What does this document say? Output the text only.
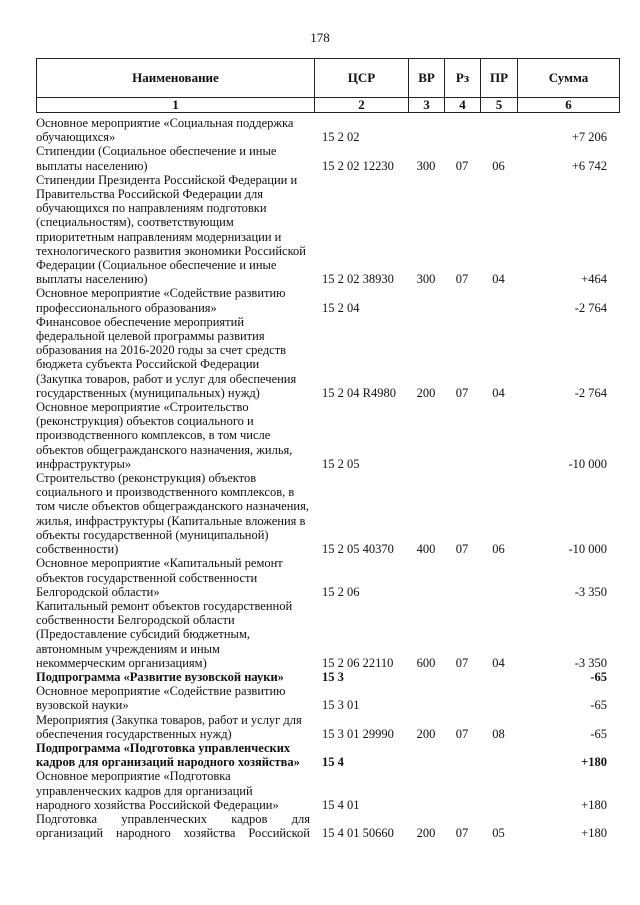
178
Наименование	ЦСР	ВР	Рз	ПР	Сумма
1	2	3	4	5	6
Основное мероприятие «Социальная поддержка
обучающихся»	15 2 02	+7 206
Стипендии (Социальное обеспечение и иные
выплаты населению)	15 2 02 12230	300	07	06	+6 742
Стипендии Президента Российской Федерации и
Правительства Российской Федерации для
обучающихся по направлениям подготовки
(специальностям), соответствующим
приоритетным направлениям модернизации и
технологического развития экономики Российской
Федерации (Социальное обеспечение и иные
выплаты населению)	15 2 02 38930	300	07	04	+464
Основное мероприятие «Содействие развитию
профессионального образования»	15 2 04	-2 764
Финансовое обеспечение мероприятий
федеральной целевой программы развития
образования на 2016-2020 годы за счет средств
бюджета субъекта Российской Федерации
(Закупка товаров, работ и услуг для обеспечения
государственных (муниципальных) нужд)	15 2 04 R4980	200	07	04	-2 764
Основное мероприятие «Строительство
(реконструкция) объектов социального и
производственного комплексов, в том числе
объектов общегражданского назначения, жилья,
инфраструктуры»	15 2 05	-10 000
Строительство (реконструкция) объектов
социального и производственного комплексов, в
том числе объектов общегражданского назначения,
жилья, инфраструктуры (Капитальные вложения в
объекты государственной (муниципальной)
собственности)	15 2 05 40370	400	07	06	-10 000
Основное мероприятие «Капитальный ремонт
объектов государственной собственности
Белгородской области»	15 2 06	-3 350
Капитальный ремонт объектов государственной
собственности Белгородской области
(Предоставление субсидий бюджетным,
автономным учреждениям и иным
некоммерческим организациям)	15 2 06 22110	600	07	04	-3 350
Подпрограмма «Развитие вузовской науки»	15 3	-65
Основное мероприятие «Содействие развитию
вузовской науки»	15 3 01	-65
Мероприятия (Закупка товаров, работ и услуг для
обеспечения государственных нужд)	15 3 01 29990	200	07	08	-65
Подпрограмма «Подготовка управленческих
кадров для организаций народного хозяйства»	15 4	+180
Основное мероприятие «Подготовка
управленческих кадров для организаций
народного хозяйства Российской Федерации»	15 4 01	+180
Подготовка управленческих кадров для
организаций народного хозяйства Российской 15 4 01 50660	200	07	05	+180
